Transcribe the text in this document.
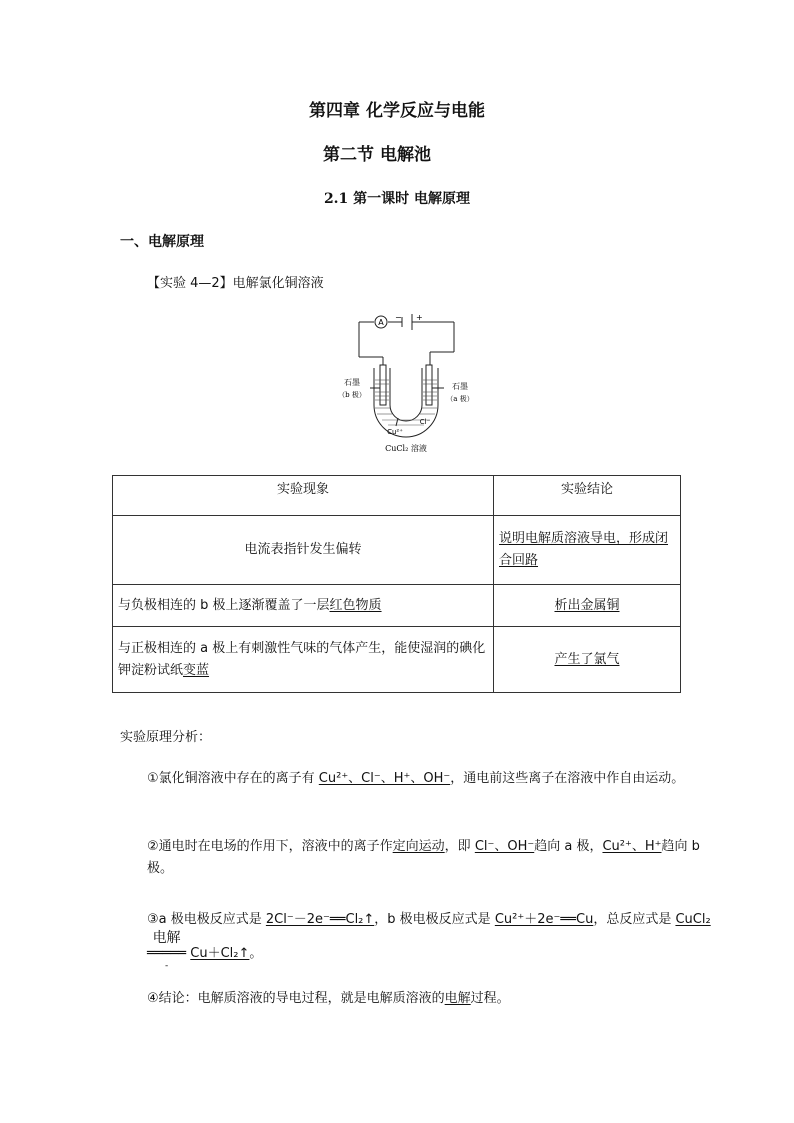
第四章 化学反应与电能
第二节 电解池
2.1 第一课时 电解原理
一、电解原理
【实验 4—2】电解氯化铜溶液
A
− +
石墨
（b 极）
石墨
（a 极）
Cu²⁺
Cl⁻
CuCl₂ 溶液
实验现象	实验结论
电流表指针发生偏转	说明电解质溶液导电，形成闭合回路
与负极相连的 b 极上逐渐覆盖了一层红色物质	析出金属铜
与正极相连的 a 极上有刺激性气味的气体产生，能使湿润的碘化钾淀粉试纸变蓝	产生了氯气
实验原理分析：
①氯化铜溶液中存在的离子有 Cu²⁺、Cl⁻、H⁺、OH⁻，通电前这些离子在溶液中作自由运动。
②通电时在电场的作用下，溶液中的离子作定向运动，即 Cl⁻、OH⁻趋向 a 极，Cu²⁺、H⁺趋向 b 极。
③a 极电极反应式是 2Cl⁻－2e⁻══Cl₂↑，b 极电极反应式是 Cu²⁺＋2e⁻══Cu，总反应式是 CuCl₂
电解
═════
-
Cu＋Cl₂↑。
④结论：电解质溶液的导电过程，就是电解质溶液的电解过程。
